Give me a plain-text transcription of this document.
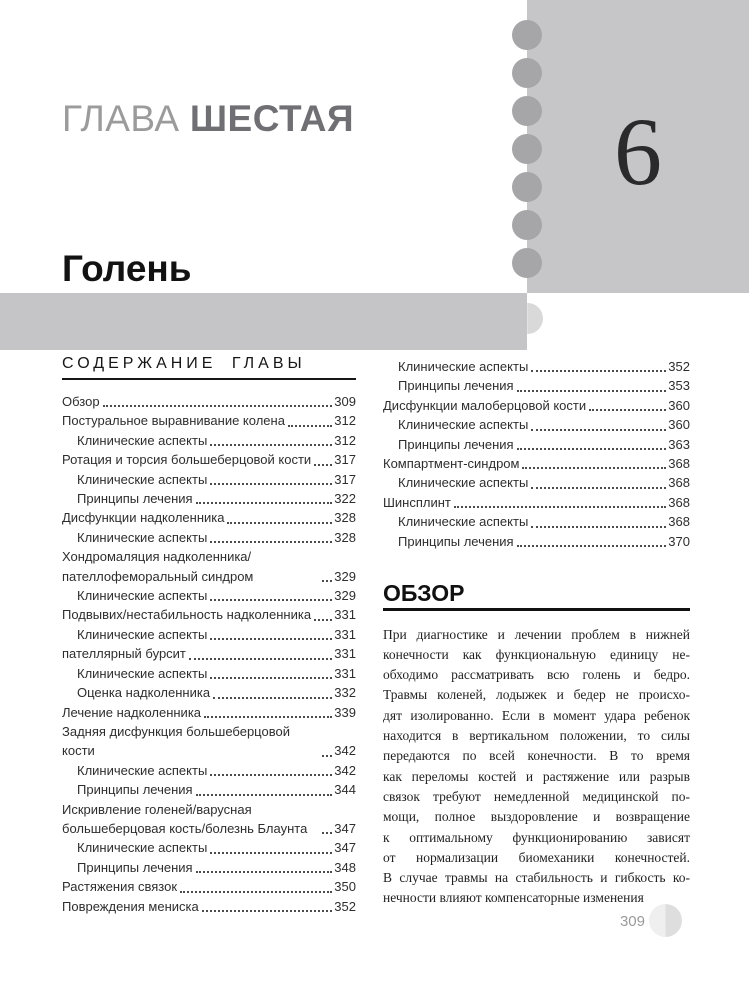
6
ГЛАВА ШЕСТАЯ
Голень
СОДЕРЖАНИЕ ГЛАВЫ
Обзор	309
Постуральное выравнивание колена	312
Клинические аспекты	312
Ротация и торсия большеберцовой кости 317
Клинические аспекты	317
Принципы лечения	322
Дисфункции надколенника	328
Клинические аспекты	328
Хондромаляция надколенника/​пателлофеморальный синдром	329
Клинические аспекты	329
Подвывих/​нестабильность надколенника 331
Клинические аспекты	331
пателлярный бурсит	331
Клинические аспекты	331
Оценка надколенника	332
Лечение надколенника	339
Задняя дисфункция большеберцовой кости	342
Клинические аспекты	342
Принципы лечения	344
Искривление голеней/​варусная большеберцовая кость/​болезнь Блаунта	347
Клинические аспекты	347
Принципы лечения	348
Растяжения связок	350
Повреждения мениска	352
Клинические аспекты	352
Принципы лечения	353
Дисфункции малоберцовой кости	360
Клинические аспекты	360
Принципы лечения	363
Компартмент-синдром	368
Клинические аспекты	368
Шинсплинт	368
Клинические аспекты	368
Принципы лечения	370
ОБЗОР
При диагностике и лечении проблем в нижней
конечности как функциональную единицу не-
обходимо рассматривать всю голень и бедро.
Травмы коленей, лодыжек и бедер не происхо-
дят изолированно. Если в момент удара ребенок
находится в вертикальном положении, то силы
передаются по всей конечности. В то время
как переломы костей и растяжение или разрыв
связок требуют немедленной медицинской по-
мощи, полное выздоровление и возвращение
к оптимальному функционированию зависят
от нормализации биомеханики конечностей.
В случае травмы на стабильность и гибкость ко-
нечности влияют компенсаторные изменения
309
